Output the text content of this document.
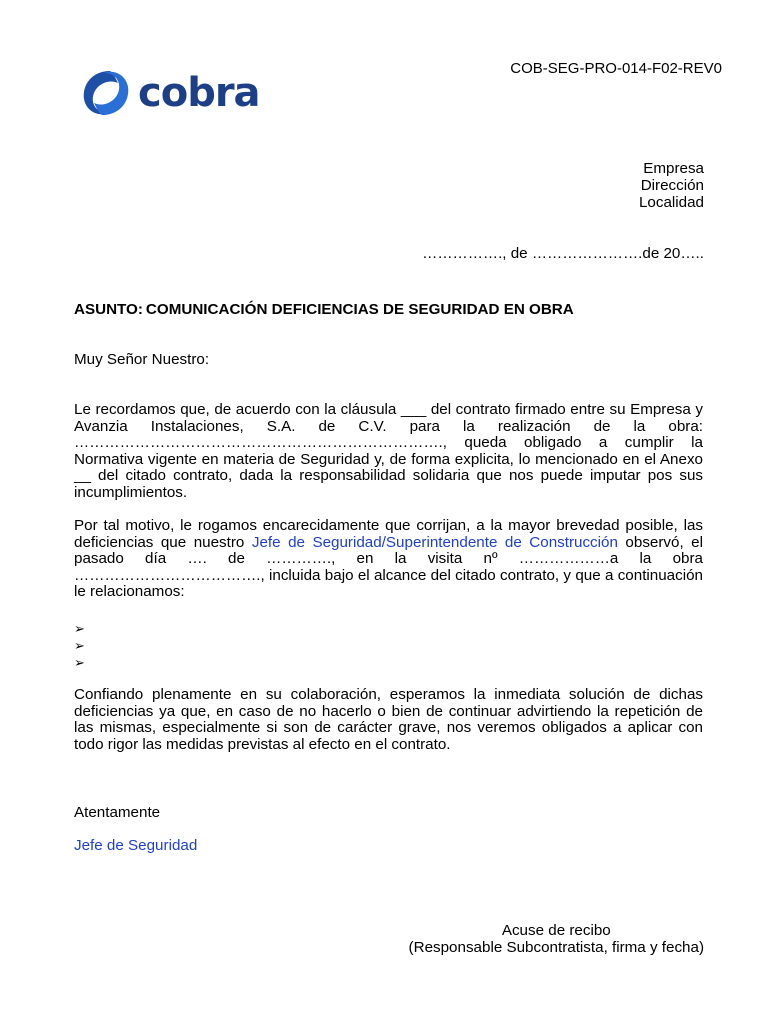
cobra
COB-SEG-PRO-014-F02-REV0
Empresa
Dirección
Localidad
……………., de ………………….de 20…..
ASUNTO: COMUNICACIÓN DEFICIENCIAS DE SEGURIDAD EN OBRA
Muy Señor Nuestro:

Le recordamos que, de acuerdo con la cláusula ___ del contrato firmado entre su Empresa y Avanzia Instalaciones, S.A. de C.V. para la realización de la obra: ………………………………………………………………., queda obligado a cumplir la Normativa vigente en materia de Seguridad y, de forma explicita, lo mencionado en el Anexo __ del citado contrato, dada la responsabilidad solidaria que nos puede imputar pos sus incumplimientos.

Por tal motivo, le rogamos encarecidamente que corrijan, a la mayor brevedad posible, las deficiencias que nuestro Jefe de Seguridad/Superintendente de Construcción observó, el pasado día …. de …………., en la visita nº ………………a la obra ………………………………., incluida bajo el alcance del citado contrato, y que a continuación le relacionamos:

➢
➢
➢

Confiando plenamente en su colaboración, esperamos la inmediata solución de dichas deficiencias ya que, en caso de no hacerlo o bien de continuar advirtiendo la repetición de las mismas, especialmente si son de carácter grave, nos veremos obligados a aplicar con todo rigor las medidas previstas al efecto en el contrato.

Atentamente
Jefe de Seguridad
Acuse de recibo
(Responsable Subcontratista, firma y fecha)
